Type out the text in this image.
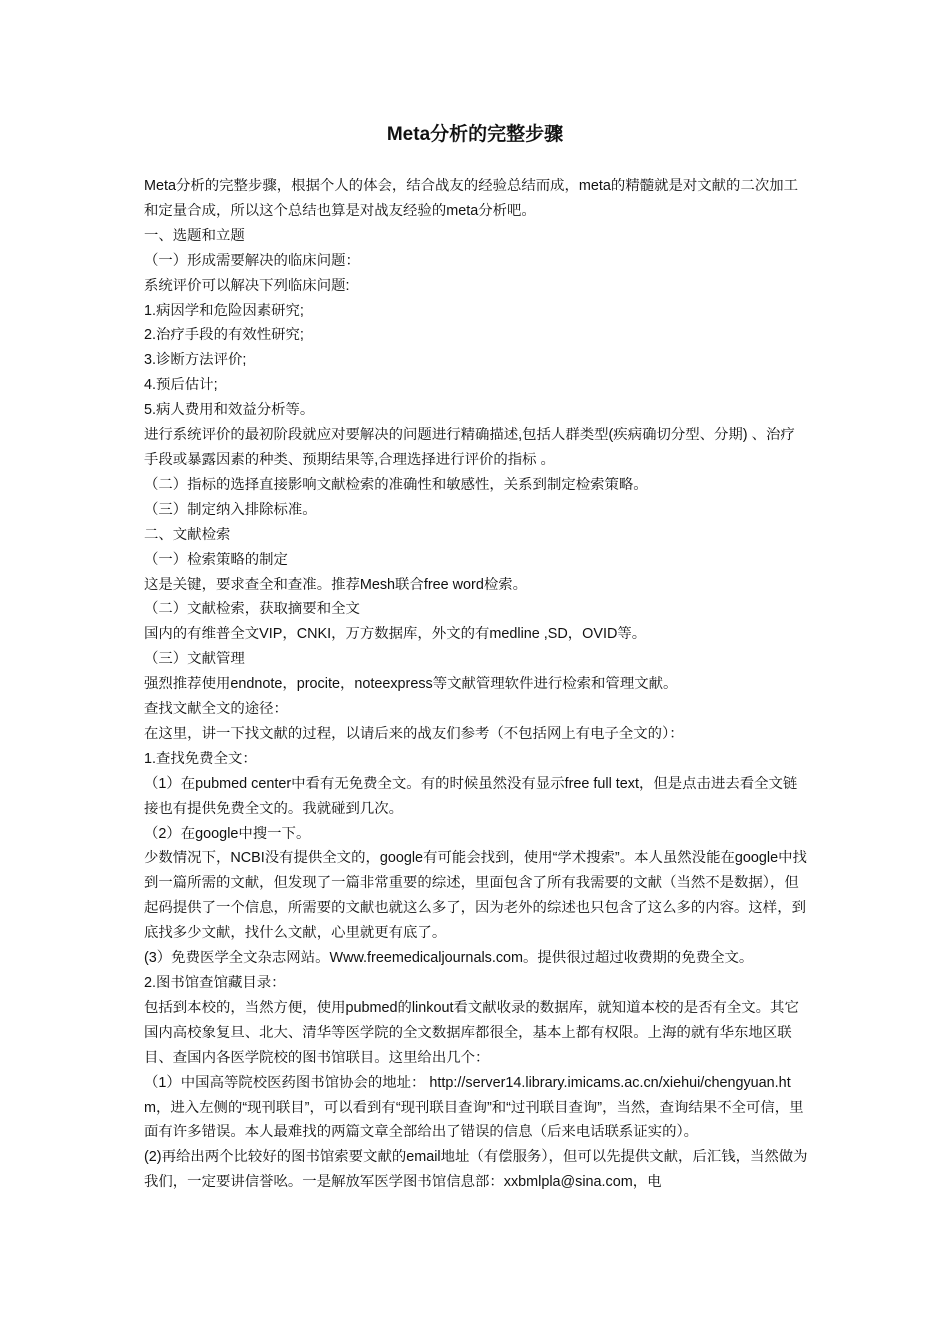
Meta分析的完整步骤

Meta分析的完整步骤，根据个人的体会，结合战友的经验总结而成，meta的精髓就是对文献的二次加工和定量合成，所以这个总结也算是对战友经验的meta分析吧。

一、选题和立题

（一）形成需要解决的临床问题：

系统评价可以解决下列临床问题:

1.病因学和危险因素研究;

2.治疗手段的有效性研究;

3.诊断方法评价;

4.预后估计;

5.病人费用和效益分析等。

进行系统评价的最初阶段就应对要解决的问题进行精确描述,包括人群类型(疾病确切分型、分期) 、治疗手段或暴露因素的种类、预期结果等,合理选择进行评价的指标 。

（二）指标的选择直接影响文献检索的准确性和敏感性，关系到制定检索策略。

（三）制定纳入排除标准。

二、文献检索

（一）检索策略的制定

这是关键，要求查全和查准。推荐Mesh联合free word检索。

（二）文献检索，获取摘要和全文

国内的有维普全文VIP，CNKI，万方数据库，外文的有medline ,SD，OVID等。

（三）文献管理

强烈推荐使用endnote，procite，noteexpress等文献管理软件进行检索和管理文献。

查找文献全文的途径：

在这里，讲一下找文献的过程，以请后来的战友们参考（不包括网上有电子全文的）：

1.查找免费全文：

（1）在pubmed center中看有无免费全文。有的时候虽然没有显示free full text，但是点击进去看全文链接也有提供免费全文的。我就碰到几次。

（2）在google中搜一下。

少数情况下，NCBI没有提供全文的，google有可能会找到，使用“学术搜索”。本人虽然没能在google中找到一篇所需的文献，但发现了一篇非常重要的综述，里面包含了所有我需要的文献（当然不是数据），但起码提供了一个信息，所需要的文献也就这么多了，因为老外的综述也只包含了这么多的内容。这样，到底找多少文献，找什么文献，心里就更有底了。

(3）免费医学全文杂志网站。Www.freemedicaljournals.com。提供很过超过收费期的免费全文。

2.图书馆查馆藏目录：

包括到本校的，当然方便，使用pubmed的linkout看文献收录的数据库，就知道本校的是否有全文。其它国内高校象复旦、北大、清华等医学院的全文数据库都很全，基本上都有权限。上海的就有华东地区联目、查国内各医学院校的图书馆联目。这里给出几个：

（1）中国高等院校医药图书馆协会的地址： http://server14.library.imicams.ac.cn/xiehui/chengyuan.htm，进入左侧的“现刊联目”，可以看到有“现刊联目查询”和“过刊联目查询”，当然，查询结果不全可信，里面有许多错误。本人最难找的两篇文章全部给出了错误的信息（后来电话联系证实的）。

(2)再给出两个比较好的图书馆索要文献的email地址（有偿服务），但可以先提供文献，后汇钱，当然做为我们，一定要讲信誉吆。一是解放军医学图书馆信息部：xxbmlpla@sina.com，电
